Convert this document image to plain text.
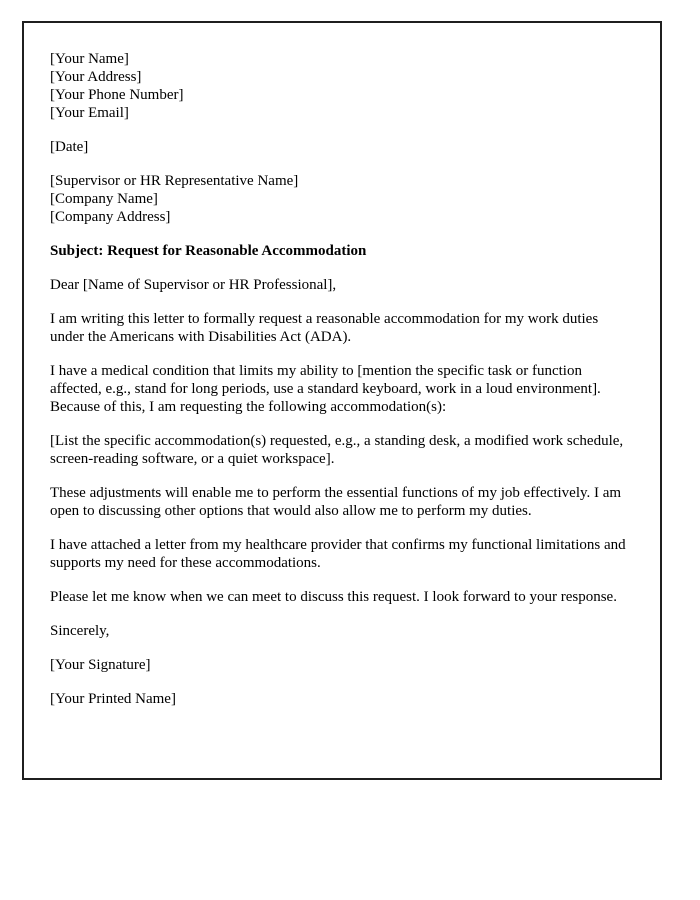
[Your Name]
[Your Address]
[Your Phone Number]
[Your Email]
[Date]
[Supervisor or HR Representative Name]
[Company Name]
[Company Address]
Subject: Request for Reasonable Accommodation
Dear [Name of Supervisor or HR Professional],
I am writing this letter to formally request a reasonable accommodation for my work duties under the Americans with Disabilities Act (ADA).
I have a medical condition that limits my ability to [mention the specific task or function affected, e.g., stand for long periods, use a standard keyboard, work in a loud environment]. Because of this, I am requesting the following accommodation(s):
[List the specific accommodation(s) requested, e.g., a standing desk, a modified work schedule, screen-reading software, or a quiet workspace].
These adjustments will enable me to perform the essential functions of my job effectively. I am open to discussing other options that would also allow me to perform my duties.
I have attached a letter from my healthcare provider that confirms my functional limitations and supports my need for these accommodations.
Please let me know when we can meet to discuss this request. I look forward to your response.
Sincerely,
[Your Signature]
[Your Printed Name]
